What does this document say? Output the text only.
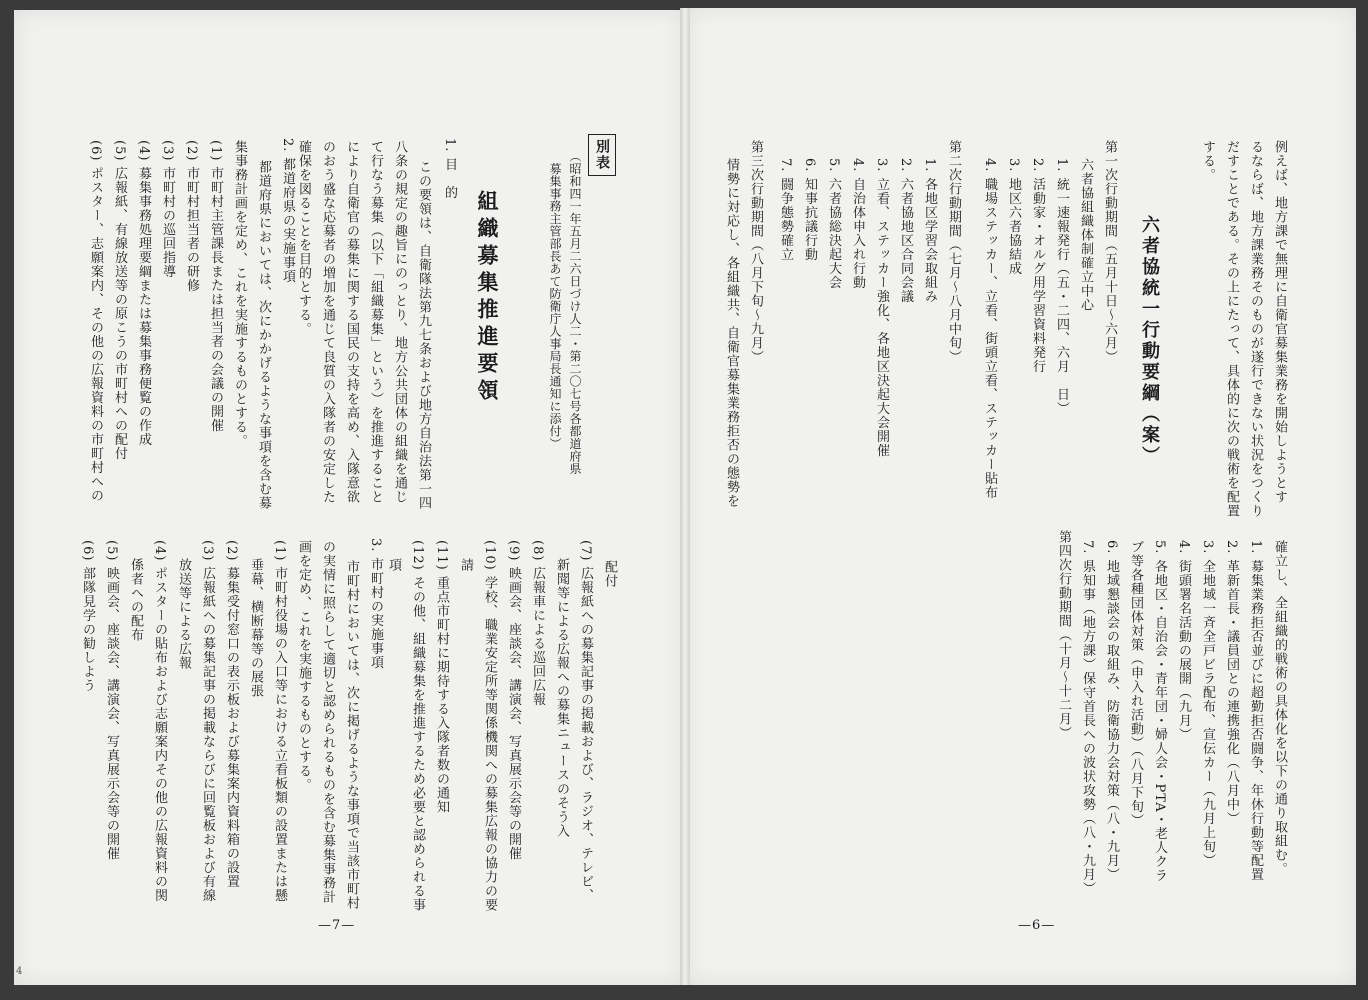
例えば、地方課で無理に自衛官募集業務を開始しようとす
るならば、地方課業務そのものが遂行できない状況をつくり
だすことである。その上にたって、具体的に次の戦術を配置
する。
六者協統一行動要綱（案）
第一次行動期間（五月十日〜六月）
六者協組織体制確立中心
1. 統一速報発行（五・二四、六月　日）
2. 活動家・オルグ用学習資料発行
3. 地区六者協結成
4. 職場ステッカー、立看、街頭立看、ステッカー貼布
第二次行動期間（七月〜八月中旬）
1. 各地区学習会取組み
2. 六者協地区合同会議
3. 立看、ステッカー強化、各地区決起大会開催
4. 自治体申入れ行動
5. 六者協総決起大会
6. 知事抗議行動
7. 闘争態勢確立
第三次行動期間（八月下旬〜九月）
情勢に対応し、各組織共、自衛官募集業務拒否の態勢を
確立し、全組織的戦術の具体化を以下の通り取組む。
1. 募集業務拒否並びに超勤拒否闘争、年休行動等配置
2. 革新首長・議員団との連携強化（八月中）
3. 全地域一斉全戸ビラ配布、宣伝カー（九月上旬）
4. 街頭署名活動の展開（九月）
5. 各地区・自治会・青年団・婦人会・PTA・老人クラ
ブ等各種団体対策（申入れ活動）（八月下旬）
6. 地域懇談会の取組み、防衛協力会対策（八・九月）
7. 県知事（地方課）保守首長への波状攻勢（八・九月）
第四次行動期間（十月〜十二月）
—6—
別表
（昭和四一年五月二六日づけ人二・第二〇七号各都道府県
　募集事務主管部長あて防衛庁人事局長通知に添付）
組織募集推進要領
1. 目　的
この要領は、自衛隊法第九七条および地方自治法第一四
八条の規定の趣旨にのっとり、地方公共団体の組織を通じ
て行なう募集（以下「組織募集」という）を推進すること
により自衛官の募集に関する国民の支持を高め、入隊意欲
のおう盛な応募者の増加を通じて良質の入隊者の安定した
確保を図ることを目的とする。
2. 都道府県の実施事項
都道府県においては、次にかかげるような事項を含む募
集事務計画を定め、これを実施するものとする。
(1) 市町村主管課長または担当者の会議の開催
(2) 市町村担当者の研修
(3) 市町村の巡回指導
(4) 募集事務処理要綱または募集事務便覧の作成
(5) 広報紙、有線放送等の原こうの市町村への配付
(6) ポスター、志願案内、その他の広報資料の市町村への
配付
(7) 広報紙への募集記事の掲載および、ラジオ、テレビ、
新聞等による広報への募集ニュースのそう入
(8) 広報車による巡回広報
(9) 映画会、座談会、講演会、写真展示会等の開催
(10) 学校、職業安定所等関係機関への募集広報の協力の要
請
(11) 重点市町村に期待する入隊者数の通知
(12) その他、組織募集を推進するため必要と認められる事
項
3. 市町村の実施事項
市町村においては、次に掲げるような事項で当該市町村
の実情に照らして適切と認められるものを含む募集事務計
画を定め、これを実施するものとする。
(1) 市町村役場の入口等における立看板類の設置または懸
垂幕、横断幕等の展張
(2) 募集受付窓口の表示板および募集案内資料箱の設置
(3) 広報紙への募集記事の掲載ならびに回覧板および有線
放送等による広報
(4) ポスターの貼布および志願案内その他の広報資料の関
係者への配布
(5) 映画会、座談会、講演会、写真展示会等の開催
(6) 部隊見学の勧しよう
—7—
4
